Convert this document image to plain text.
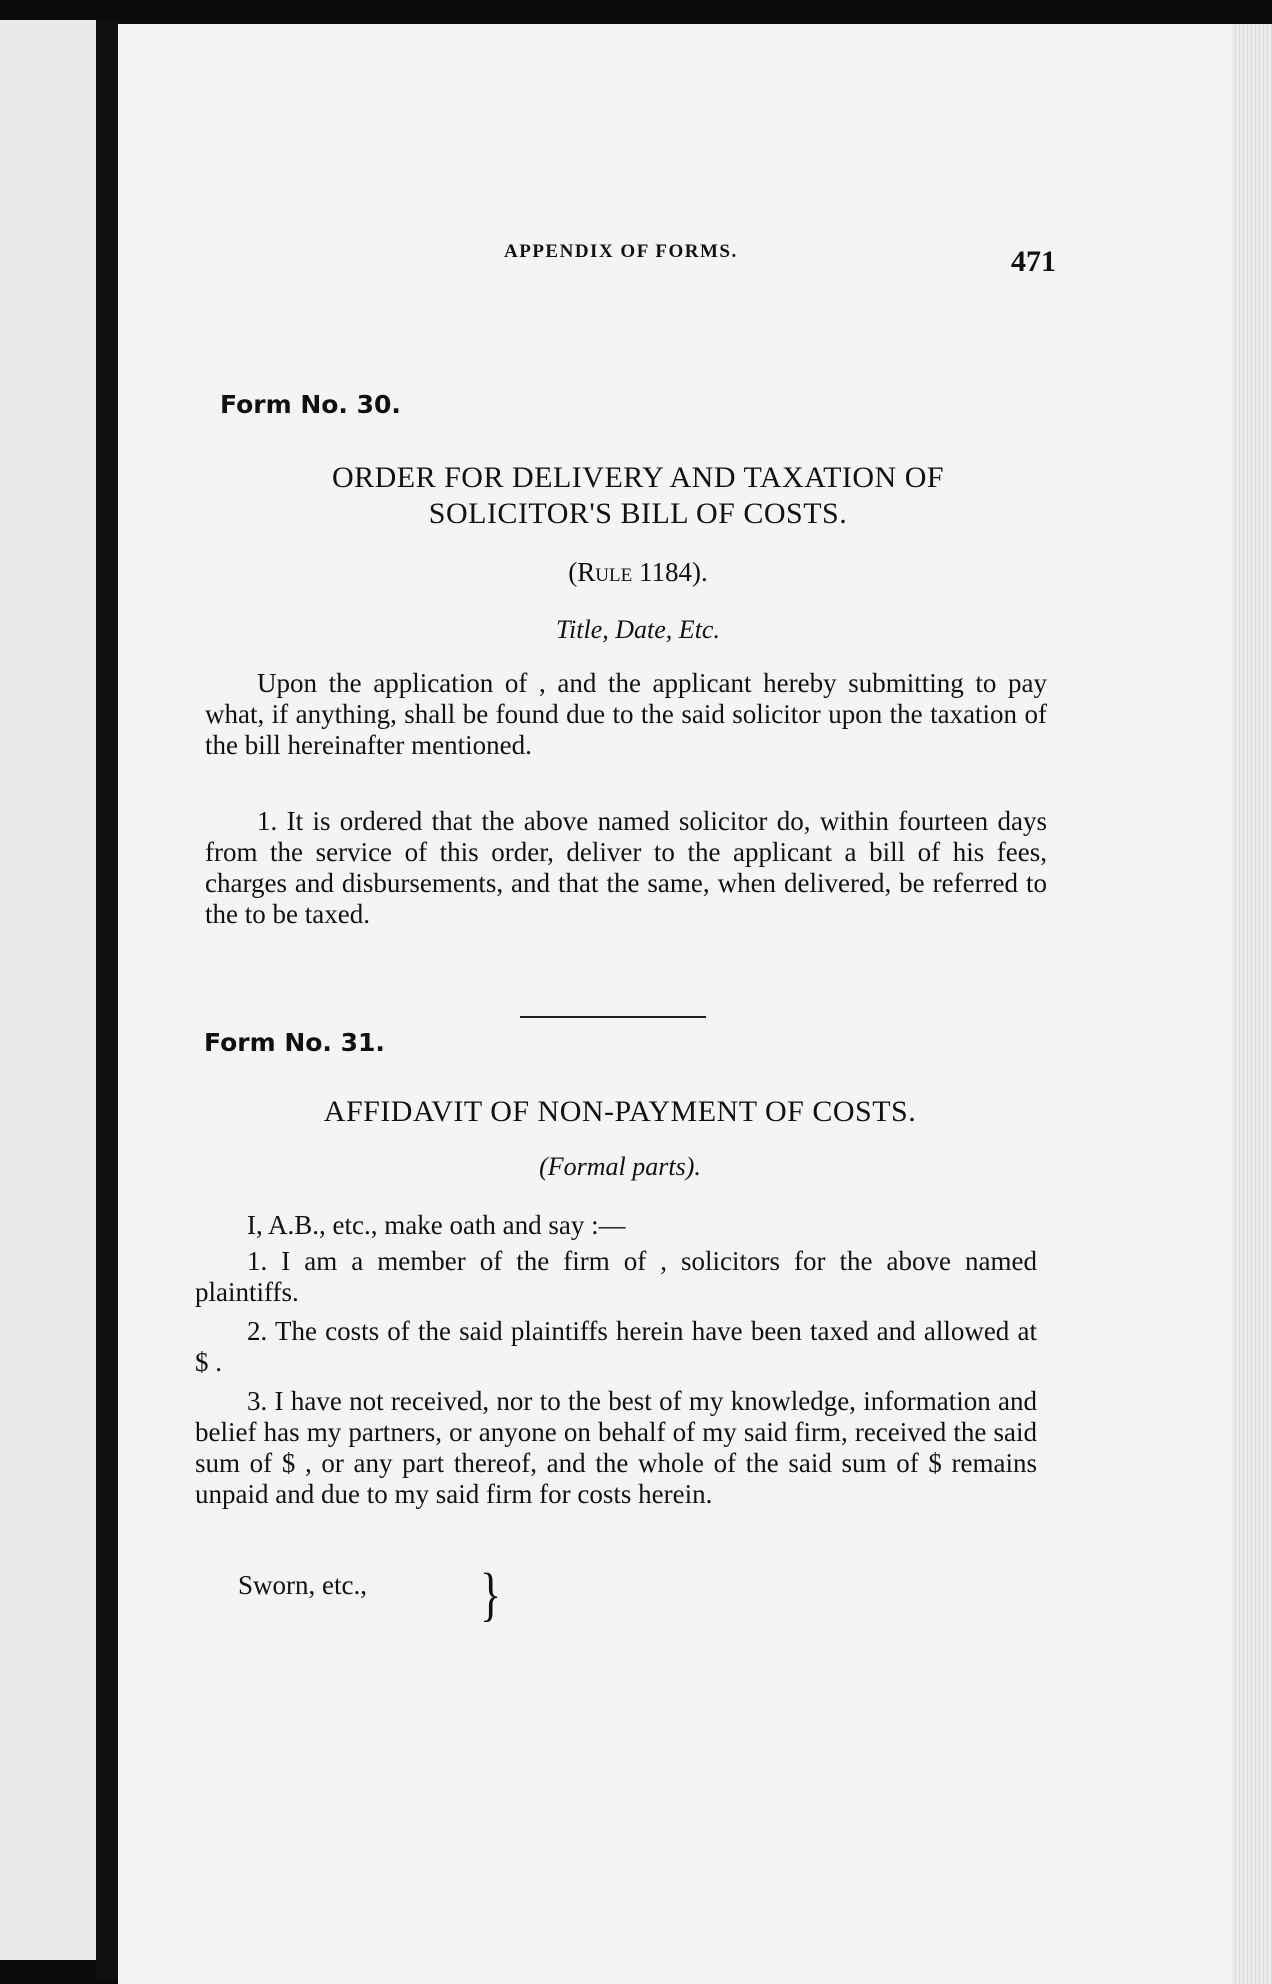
APPENDIX OF FORMS.	471
Form No. 30.
ORDER FOR DELIVERY AND TAXATION OF
SOLICITOR'S BILL OF COSTS.
(Rule 1184).
Title, Date, Etc.

Upon the application of , and the applicant hereby submitting to pay what, if anything, shall be found due to the said solicitor upon the taxation of the bill hereinafter mentioned.

1. It is ordered that the above named solicitor do, within fourteen days from the service of this order, deliver to the applicant a bill of his fees, charges and disbursements, and that the same, when delivered, be referred to the to be taxed.

Form No. 31.
AFFIDAVIT OF NON-PAYMENT OF COSTS.
(Formal parts).

I, A.B., etc., make oath and say :—

1. I am a member of the firm of , solicitors for the above named plaintiffs.

2. The costs of the said plaintiffs herein have been taxed and allowed at $ .

3. I have not received, nor to the best of my knowledge, information and belief has my partners, or anyone on behalf of my said firm, received the said sum of $ , or any part thereof, and the whole of the said sum of $ remains unpaid and due to my said firm for costs herein.

Sworn, etc.,	}
